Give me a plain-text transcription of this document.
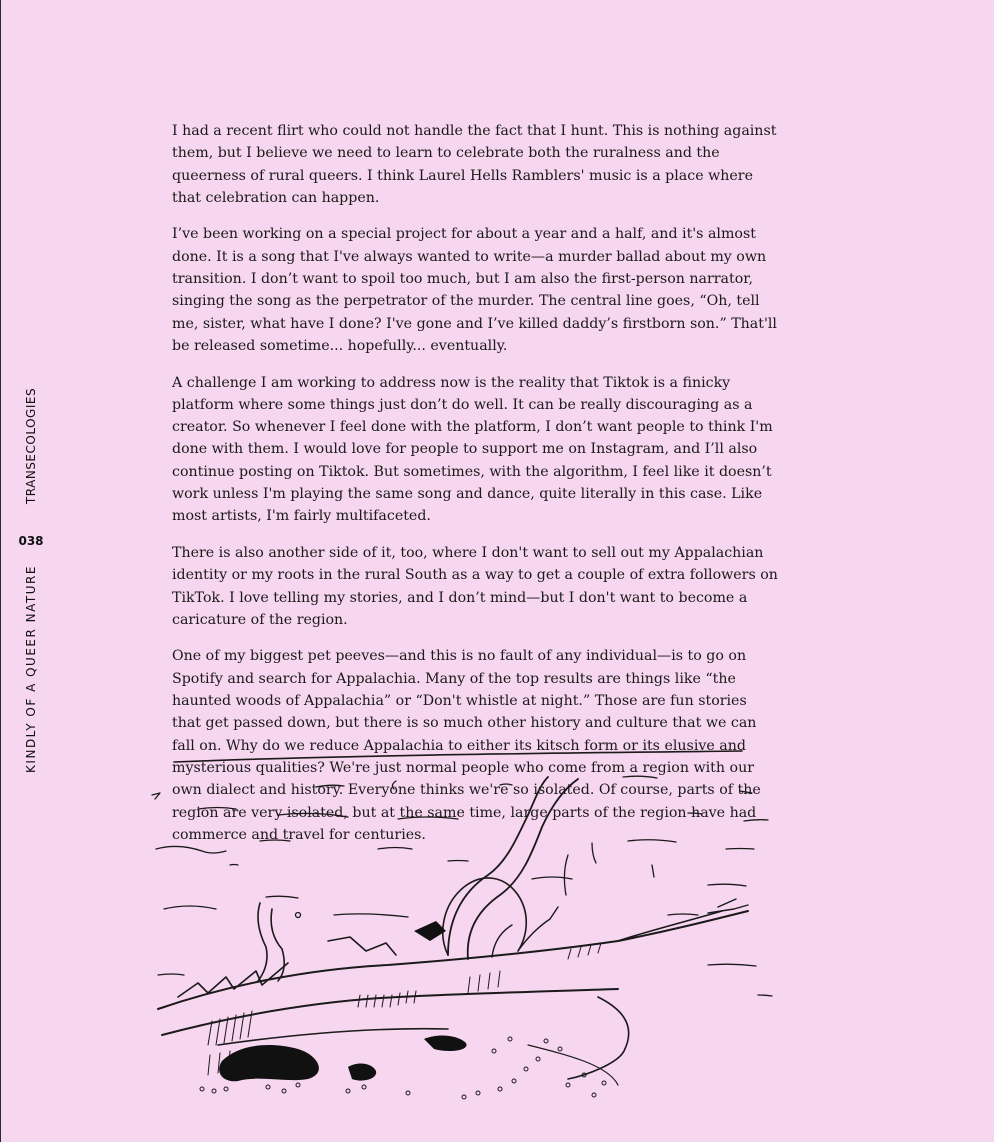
TRANSECOLOGIES
038
KINDLY OF A QUEER NATURE

I had a recent flirt who could not handle the fact that I hunt. This is nothing against them, but I believe we need to learn to celebrate both the ruralness and the queerness of rural queers. I think Laurel Hells Ramblers' music is a place where that celebration can happen.

I’ve been working on a special project for about a year and a half, and it's almost done. It is a song that I've always wanted to write—a murder ballad about my own transition. I don’t want to spoil too much, but I am also the first-person narrator, singing the song as the perpetrator of the murder. The central line goes, “Oh, tell me, sister, what have I done? I've gone and I’ve killed daddy’s firstborn son.” That'll be released sometime... hopefully... eventually.

A challenge I am working to address now is the reality that Tiktok is a finicky platform where some things just don’t do well. It can be really discouraging as a creator. So whenever I feel done with the platform, I don’t want people to think I'm done with them. I would love for people to support me on Instagram, and I’ll also continue posting on Tiktok. But sometimes, with the algorithm, I feel like it doesn’t work unless I'm playing the same song and dance, quite literally in this case. Like most artists, I'm fairly multifaceted.

There is also another side of it, too, where I don't want to sell out my Appalachian identity or my roots in the rural South as a way to get a couple of extra followers on TikTok. I love telling my stories, and I don’t mind—but I don't want to become a caricature of the region.

One of my biggest pet peeves—and this is no fault of any individual—is to go on Spotify and search for Appalachia. Many of the top results are things like “the haunted woods of Appalachia” or “Don't whistle at night.” Those are fun stories that get passed down, but there is so much other history and culture that we can fall on. Why do we reduce Appalachia to either its kitsch form or its elusive and mysterious qualities? We're just normal people who come from a region with our own dialect and history. Everyone thinks we're so isolated. Of course, parts of the region are very isolated, but at the same time, large parts of the region have had commerce and travel for centuries.
